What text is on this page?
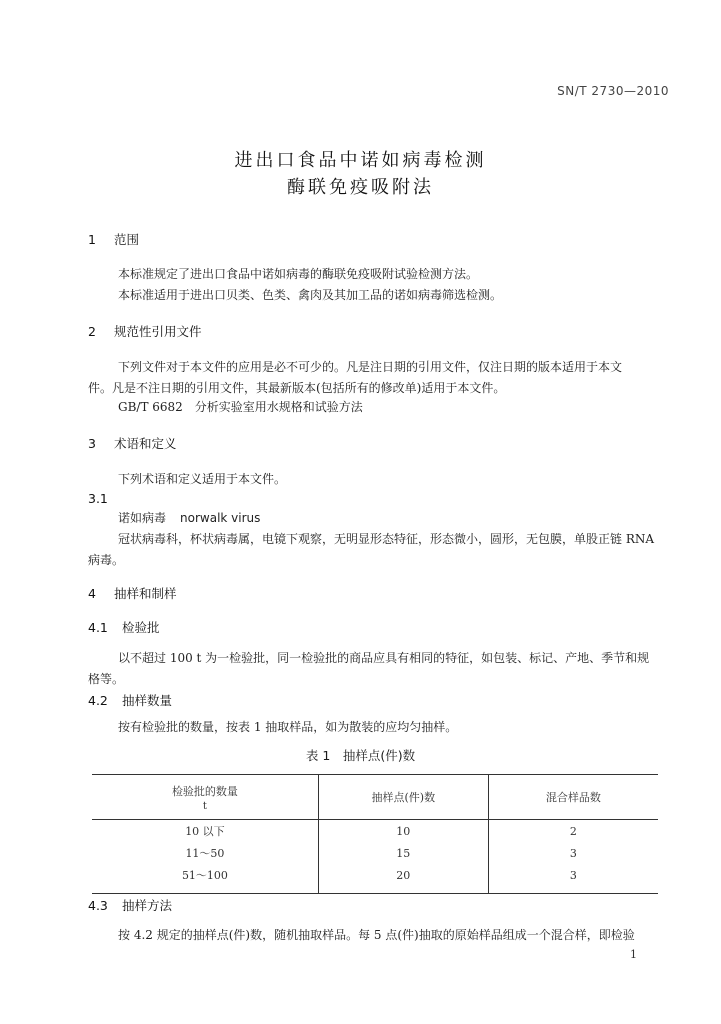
SN/T 2730—2010
进出口食品中诺如病毒检测
酶联免疫吸附法
1 范围
本标准规定了进出口食品中诺如病毒的酶联免疫吸附试验检测方法。
本标准适用于进出口贝类、色类、禽肉及其加工品的诺如病毒筛选检测。
2 规范性引用文件
下列文件对于本文件的应用是必不可少的。凡是注日期的引用文件，仅注日期的版本适用于本文
件。凡是不注日期的引用文件，其最新版本(包括所有的修改单)适用于本文件。
GB/T 6682　分析实验室用水规格和试验方法
3 术语和定义
下列术语和定义适用于本文件。
3.1
诺如病毒 norwalk virus
冠状病毒科，杯状病毒属，电镜下观察，无明显形态特征，形态微小，圆形，无包膜，单股正链 RNA
病毒。
4 抽样和制样
4.1 检验批
以不超过 100 t 为一检验批，同一检验批的商品应具有相同的特征，如包装、标记、产地、季节和规
格等。
4.2 抽样数量
按有检验批的数量，按表 1 抽取样品，如为散装的应均匀抽样。
表 1　抽样点(件)数
检验批的数量
t	抽样点(件)数	混合样品数
10 以下	10	2
11～50	15	3
51～100	20	3
4.3 抽样方法
按 4.2 规定的抽样点(件)数，随机抽取样品。每 5 点(件)抽取的原始样品组成一个混合样，即检验
1
